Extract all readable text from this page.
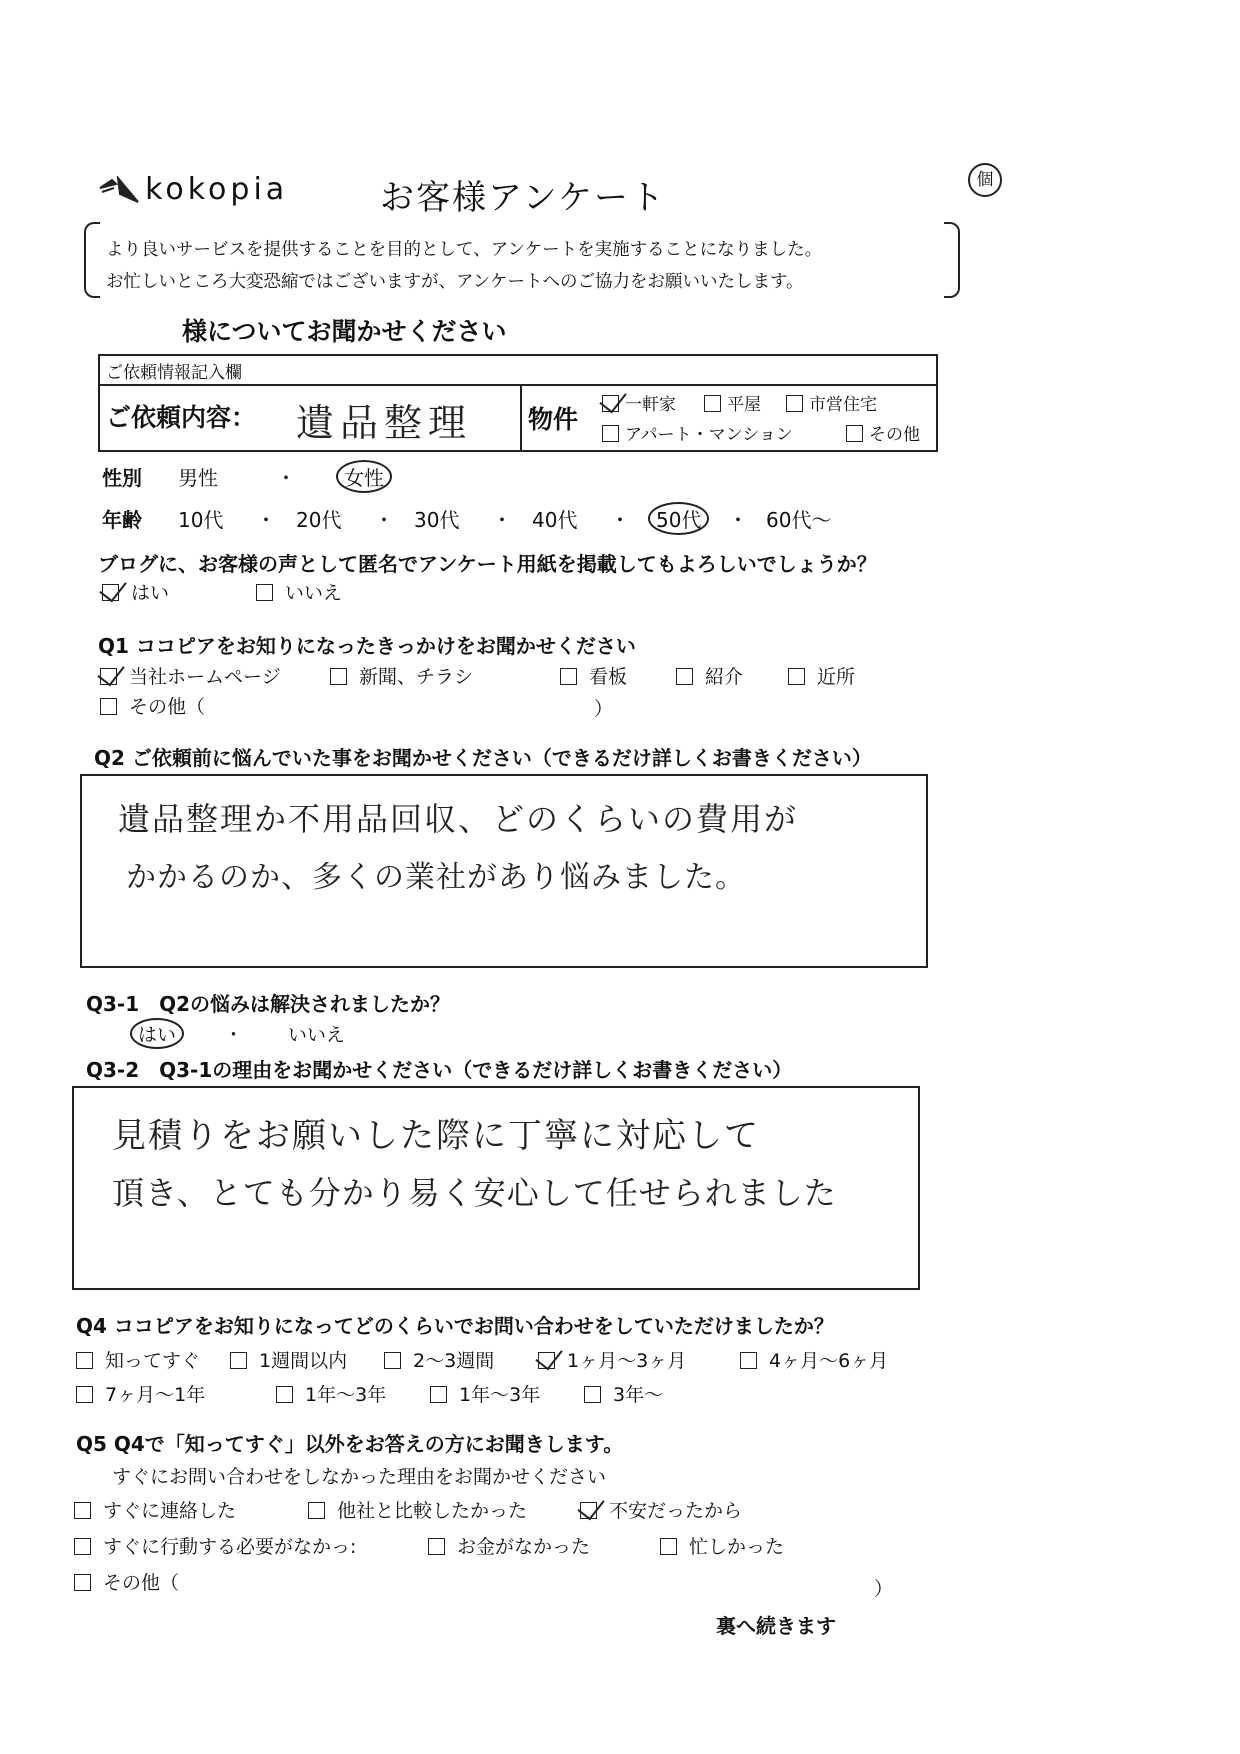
kokopia	お客様アンケート	個
より良いサービスを提供することを目的として、アンケートを実施することになりました。
お忙しいところ大変恐縮ではございますが、アンケートへのご協力をお願いいたします。
様についてお聞かせください
ご依頼情報記入欄
ご依頼内容： 遺品整理 物件	一軒家	平屋	市営住宅
アパート・マンション	その他
性別 男性	・	女性
年齢 10代 ・ 20代 ・ 30代 ・ 40代 ・	50代	・ 60代～
ブログに、お客様の声として匿名でアンケート用紙を掲載してもよろしいでしょうか？
はい	いいえ
Q1 ココピアをお知りになったきっかけをお聞かせください
当社ホームページ	新聞、チラシ	看板	紹介	近所
その他（	）
Q2 ご依頼前に悩んでいた事をお聞かせください（できるだけ詳しくお書きください）
遺品整理か不用品回収、どのくらいの費用が
かかるのか、多くの業社があり悩みました。
Q3-1　Q2の悩みは解決されましたか？
はい	・ いいえ
Q3-2　Q3-1の理由をお聞かせください（できるだけ詳しくお書きください）
見積りをお願いした際に丁寧に対応して
頂き、とても分かり易く安心して任せられました
Q4 ココピアをお知りになってどのくらいでお問い合わせをしていただけましたか？
知ってすぐ	1週間以内	2～3週間	1ヶ月～3ヶ月	4ヶ月～6ヶ月
7ヶ月～1年	1年～3年	1年～3年	3年～
Q5 Q4で「知ってすぐ」以外をお答えの方にお聞きします。
すぐにお問い合わせをしなかった理由をお聞かせください
すぐに連絡した	他社と比較したかった	不安だったから
すぐに行動する必要がなかっ:	お金がなかった	忙しかった
その他（	）
裏へ続きます
